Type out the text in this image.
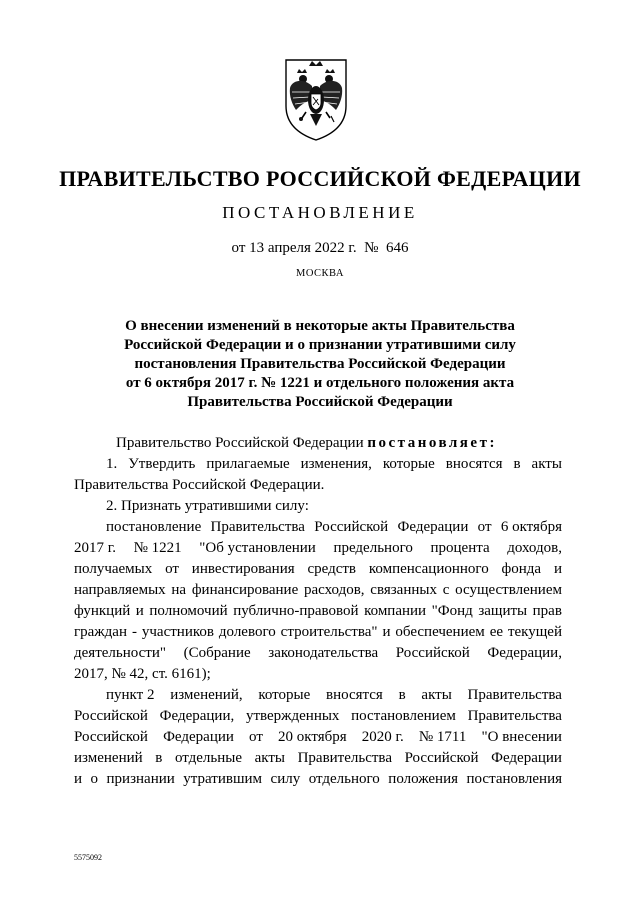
ПРАВИТЕЛЬСТВО РОССИЙСКОЙ ФЕДЕРАЦИИ
ПОСТАНОВЛЕНИЕ
от 13 апреля 2022 г.  №  646
МОСКВА
О внесении изменений в некоторые акты Правительства
Российской Федерации и о признании утратившими силу
постановления Правительства Российской Федерации
от 6 октября 2017 г. № 1221 и отдельного положения акта
Правительства Российской Федерации
Правительство Российской Федерации постановляет:
1. Утвердить прилагаемые изменения, которые вносятся в акты
Правительства Российской Федерации.
2. Признать утратившими силу:
постановление Правительства Российской Федерации от 6 октября
2017 г. № 1221 "Об установлении предельного процента доходов,
получаемых от инвестирования средств компенсационного фонда и
направляемых на финансирование расходов, связанных с осуществлением
функций и полномочий публично-правовой компании "Фонд защиты прав
граждан - участников долевого строительства" и обеспечением ее текущей
деятельности" (Собрание законодательства Российской Федерации,
2017, № 42, ст. 6161);
пункт 2 изменений, которые вносятся в акты Правительства
Российской Федерации, утвержденных постановлением Правительства
Российской Федерации от 20 октября 2020 г. № 1711 "О внесении
изменений в отдельные акты Правительства Российской Федерации
и о признании утратившим силу отдельного положения постановления
5575092
